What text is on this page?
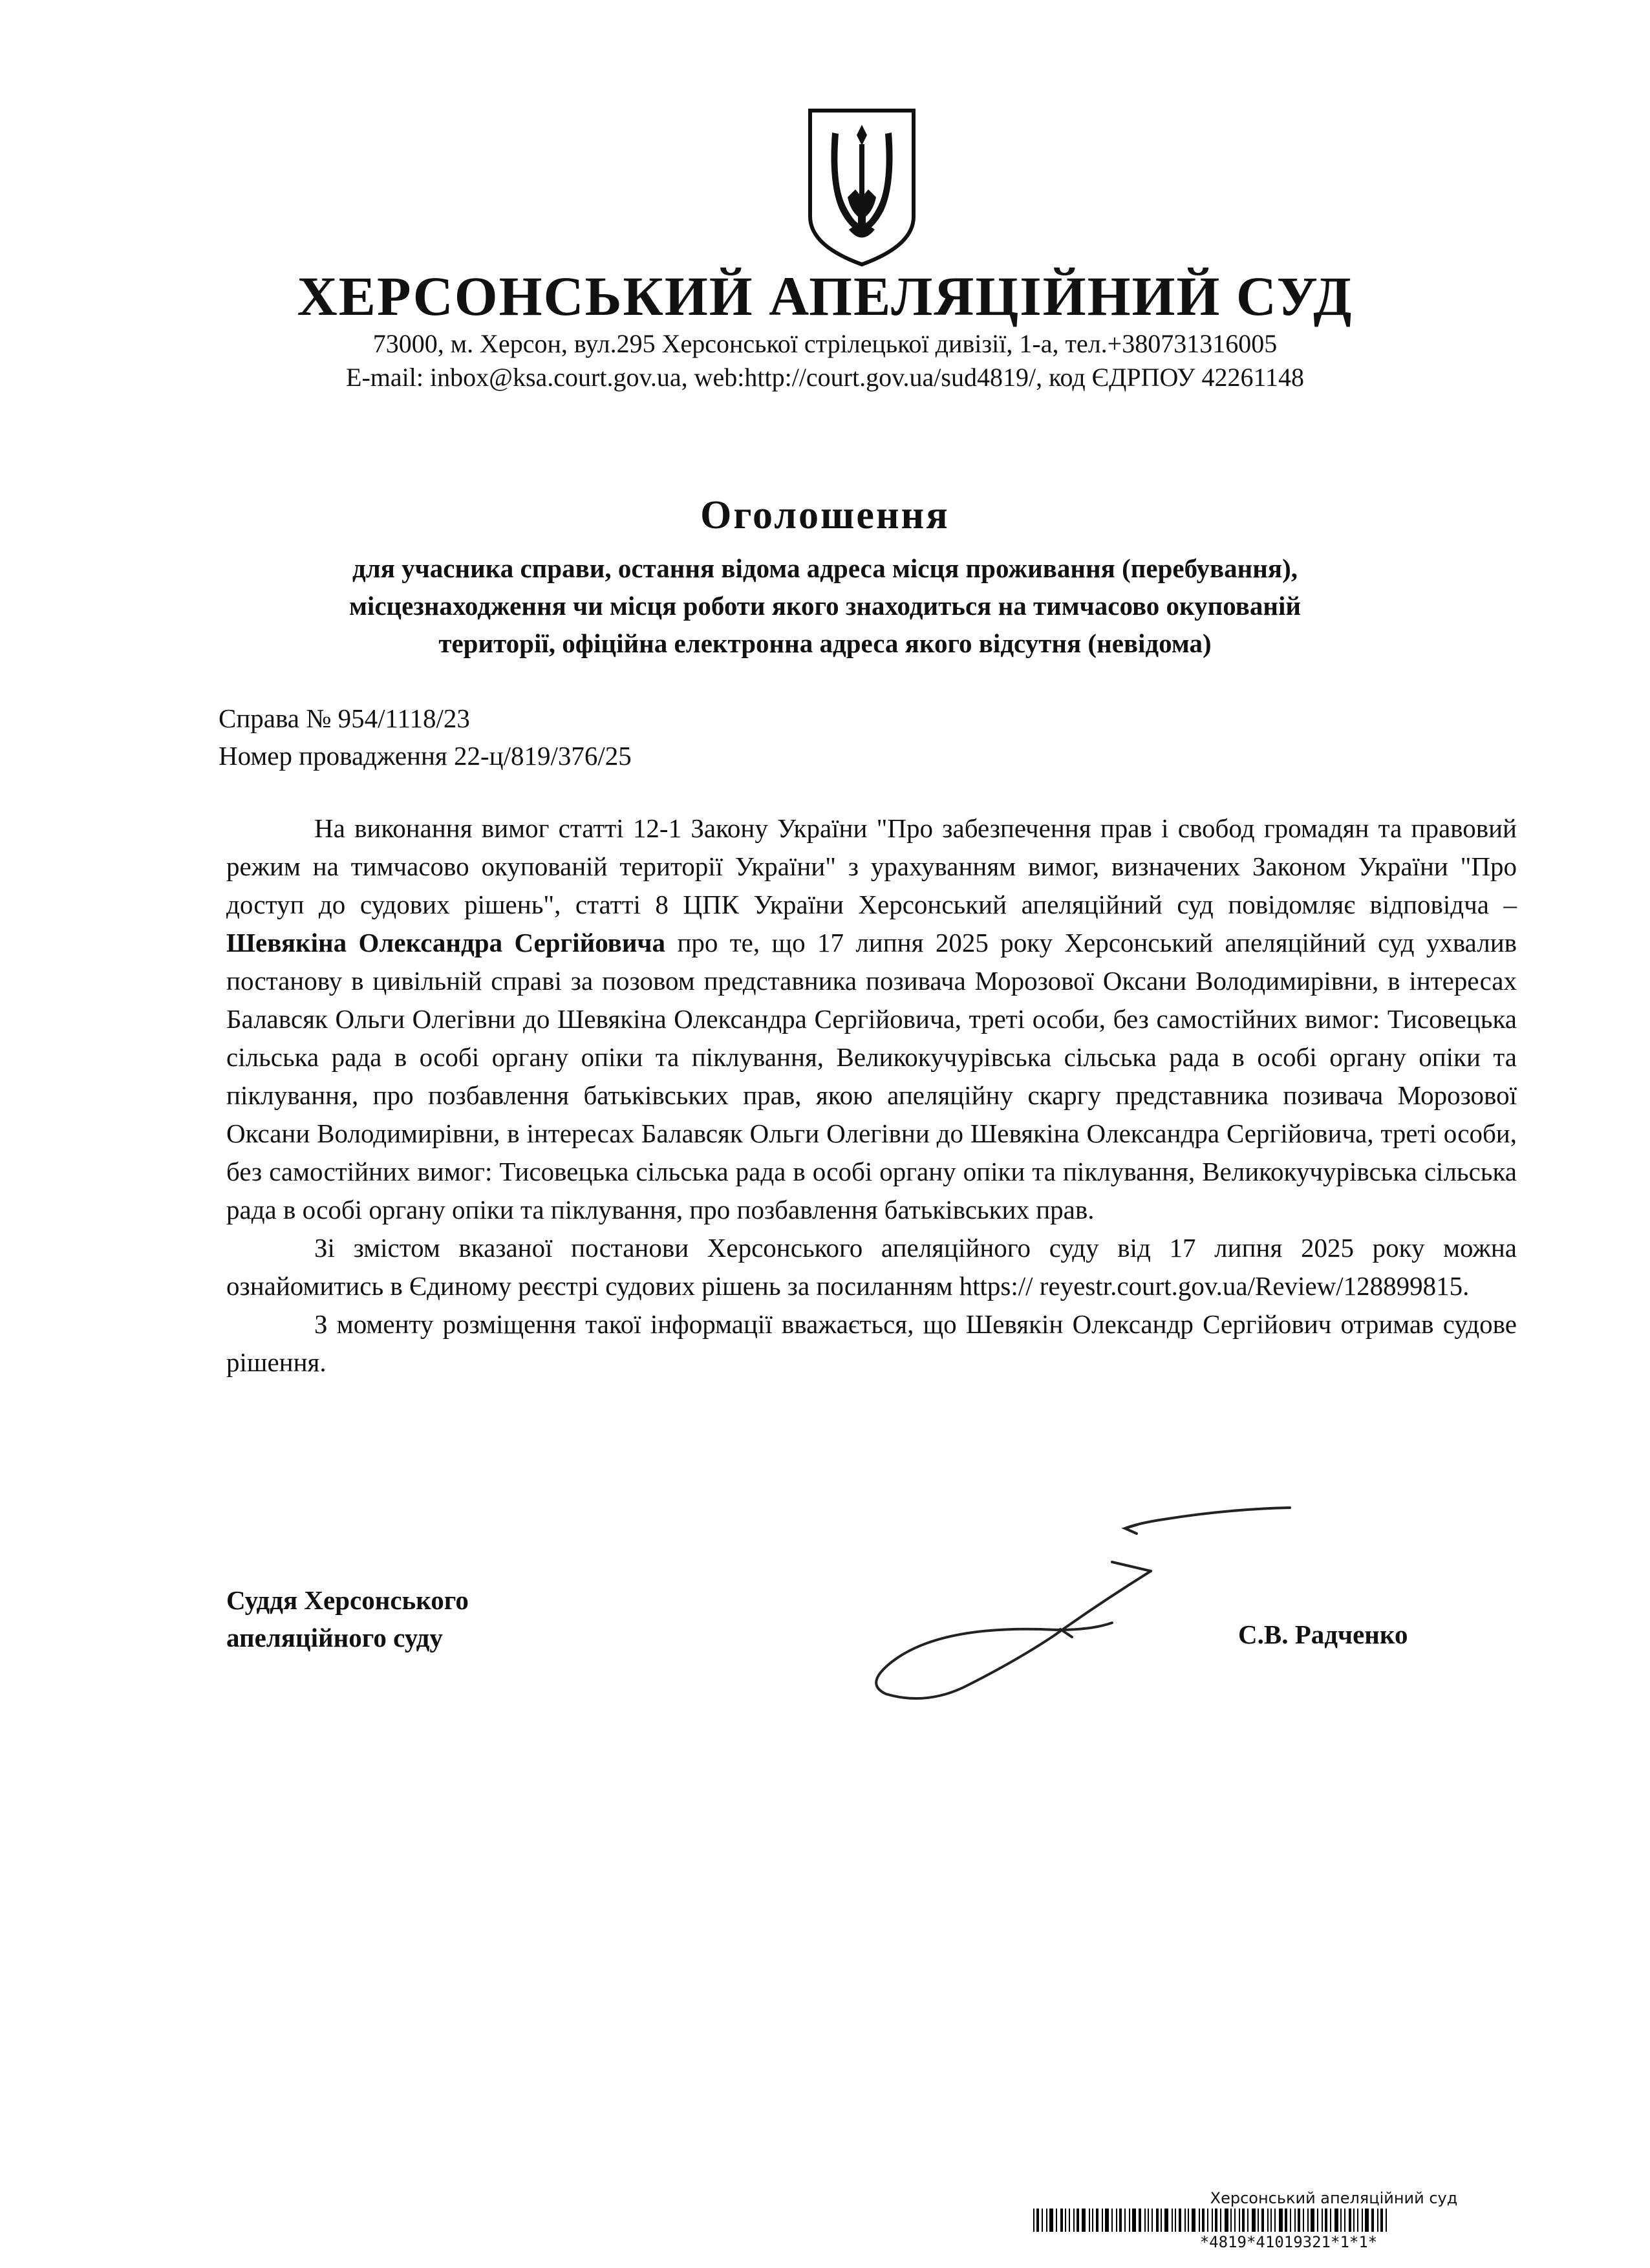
ХЕРСОНСЬКИЙ АПЕЛЯЦІЙНИЙ СУД
73000, м. Херсон, вул.295 Херсонської стрілецької дивізії, 1-а, тел.+380731316005
E-mail: inbox@ksa.court.gov.ua, web:http://court.gov.ua/sud4819/, код ЄДРПОУ 42261148
Оголошення
для учасника справи, остання відома адреса місця проживання (перебування),
місцезнаходження чи місця роботи якого знаходиться на тимчасово окупованій
території, офіційна електронна адреса якого відсутня (невідома)
Справа № 954/1118/23
Номер провадження 22-ц/819/376/25

На виконання вимог статті 12-1 Закону України "Про забезпечення прав і свобод громадян та правовий режим на тимчасово окупованій території України" з урахуванням вимог, визначених Законом України "Про доступ до судових рішень", статті 8 ЦПК України Херсонський апеляційний суд повідомляє відповідча – Шевякіна Олександра Сергійовича про те, що 17 липня 2025 року Херсонський апеляційний суд ухвалив постанову в цивільній справі за позовом представника позивача Морозової Оксани Володимирівни, в інтересах Балавсяк Ольги Олегівни до Шевякіна Олександра Сергійовича, треті особи, без самостійних вимог: Тисовецька сільська рада в особі органу опіки та піклування, Великокучурівська сільська рада в особі органу опіки та піклування, про позбавлення батьківських прав, якою апеляційну скаргу представника позивача Морозової Оксани Володимирівни, в інтересах Балавсяк Ольги Олегівни до Шевякіна Олександра Сергійовича, треті особи, без самостійних вимог: Тисовецька сільська рада в особі органу опіки та піклування, Великокучурівська сільська рада в особі органу опіки та піклування, про позбавлення батьківських прав.

Зі змістом вказаної постанови Херсонського апеляційного суду від 17 липня 2025 року можна ознайомитись в Єдиному реєстрі судових рішень за посиланням https:// reyestr.court.gov.ua/Review/128899815.

З моменту розміщення такої інформації вважається, що Шевякін Олександр Сергійович отримав судове рішення.

Суддя Херсонського
апеляційного суду	С.В. Радченко
Херсонський апеляційний суд
*4819*41019321*1*1*
